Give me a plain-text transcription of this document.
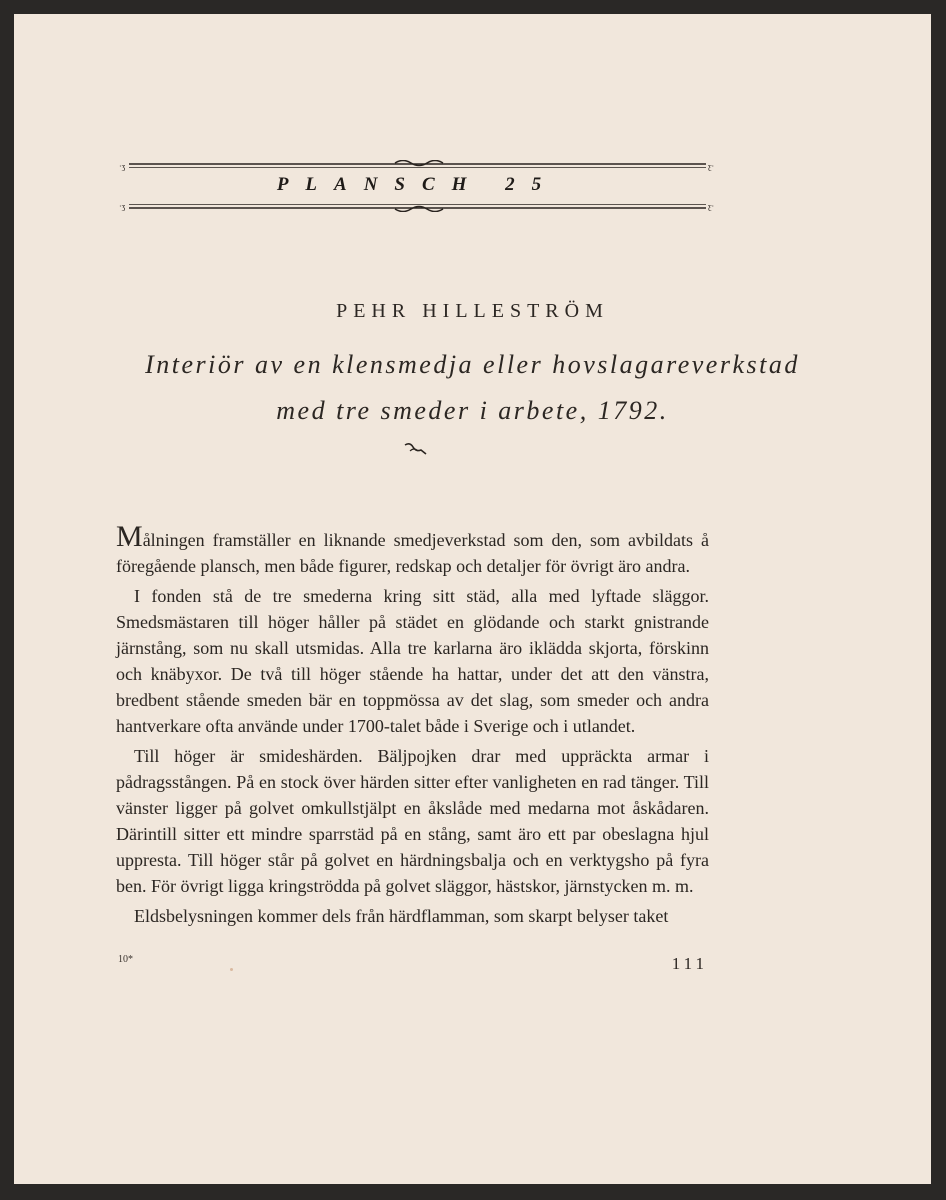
·ʒ	ƹ·
PLANSCH 25
·ʒ	ƹ·
PEHR HILLESTRÖM
Interiör av en klensmedja eller hovslagareverkstad
med tre smeder i arbete, 1792.

Målningen framställer en liknande smedjeverkstad som den, som avbildats å föregående plansch, men både figurer, redskap och detaljer för övrigt äro andra.

I fonden stå de tre smederna kring sitt städ, alla med lyftade släggor. Smedsmästaren till höger håller på städet en glödande och starkt gnistrande järnstång, som nu skall utsmidas. Alla tre karlarna äro iklädda skjorta, förskinn och knäbyxor. De två till höger stående ha hattar, under det att den vänstra, bredbent stående smeden bär en toppmössa av det slag, som smeder och andra hantverkare ofta använde under 1700-talet både i Sverige och i utlandet.

Till höger är smideshärden. Bäljpojken drar med uppräckta armar i pådragsstången. På en stock över härden sitter efter vanligheten en rad tänger. Till vänster ligger på golvet omkullstjälpt en åkslåde med medarna mot åskådaren. Därintill sitter ett mindre sparrstäd på en stång, samt äro ett par obeslagna hjul uppresta. Till höger står på golvet en härdningsbalja och en verktygsho på fyra ben. För övrigt ligga kringströdda på golvet släggor, hästskor, järnstycken m. m.

Eldsbelysningen kommer dels från härdflamman, som skarpt belyser taket

10*	111
